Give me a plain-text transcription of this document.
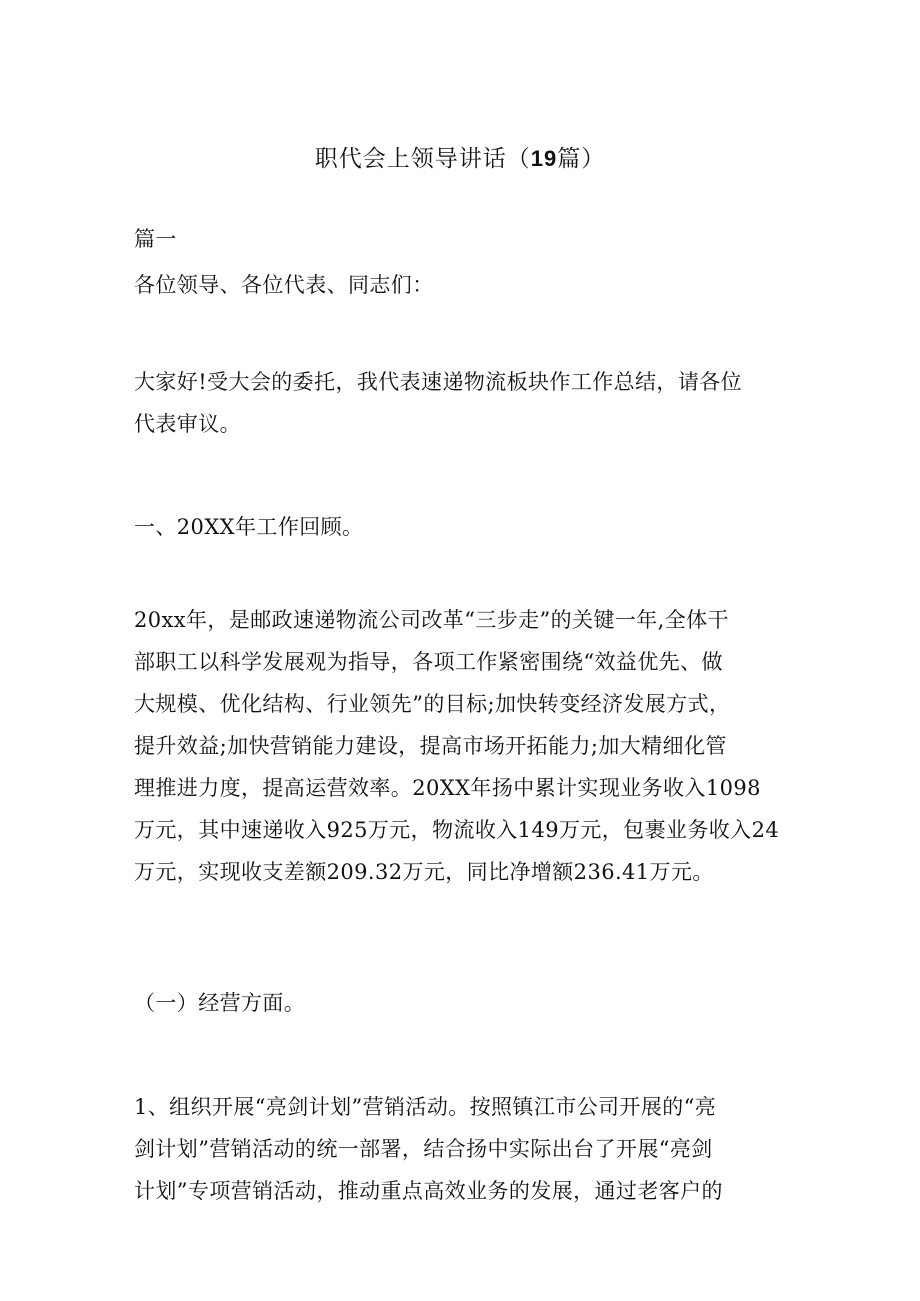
职代会上领导讲话（19篇）
篇一
各位领导、各位代表、同志们：
大家好!受大会的委托，我代表速递物流板块作工作总结，请各位
代表审议。
一、20XX年工作回顾。
20xx年，是邮政速递物流公司改革“三步走”的关键一年,全体干
部职工以科学发展观为指导，各项工作紧密围绕“效益优先、做
大规模、优化结构、行业领先”的目标;加快转变经济发展方式，
提升效益;加快营销能力建设，提高市场开拓能力;加大精细化管
理推进力度，提高运营效率。20XX年扬中累计实现业务收入1098
万元，其中速递收入925万元，物流收入149万元，包裹业务收入24
万元，实现收支差额209.32万元，同比净增额236.41万元。
（一）经营方面。
1、组织开展“亮剑计划”营销活动。按照镇江市公司开展的“亮
剑计划”营销活动的统一部署，结合扬中实际出台了开展“亮剑
计划”专项营销活动，推动重点高效业务的发展，通过老客户的
